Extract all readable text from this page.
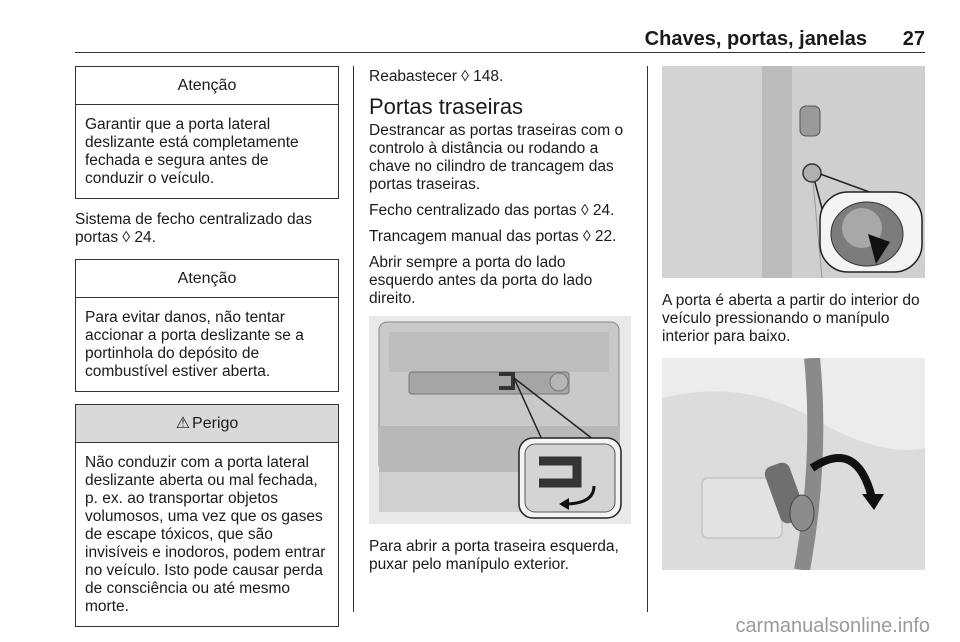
Chaves, portas, janelas 27
Atenção
Garantir que a porta lateral deslizante está completamente fechada e segura antes de conduzir o veículo.

Sistema de fecho centralizado das portas ◊ 24.

Atenção
Para evitar danos, não tentar accionar a porta deslizante se a portinhola do depósito de combustível estiver aberta.
⚠ Perigo
Não conduzir com a porta lateral deslizante aberta ou mal fechada, p. ex. ao transportar objetos volumosos, uma vez que os gases de escape tóxicos, que são invisíveis e inodoros, podem entrar no veículo. Isto pode causar perda de consciência ou até mesmo morte.

Reabastecer ◊ 148.

Portas traseiras

Destrancar as portas traseiras com o controlo à distância ou rodando a chave no cilindro de trancagem das portas traseiras.

Fecho centralizado das portas ◊ 24.

Trancagem manual das portas ◊ 22.

Abrir sempre a porta do lado esquerdo antes da porta do lado direito.

Para abrir a porta traseira esquerda, puxar pelo manípulo exterior.

A porta é aberta a partir do interior do veículo pressionando o manípulo interior para baixo.

carmanualsonline.info
